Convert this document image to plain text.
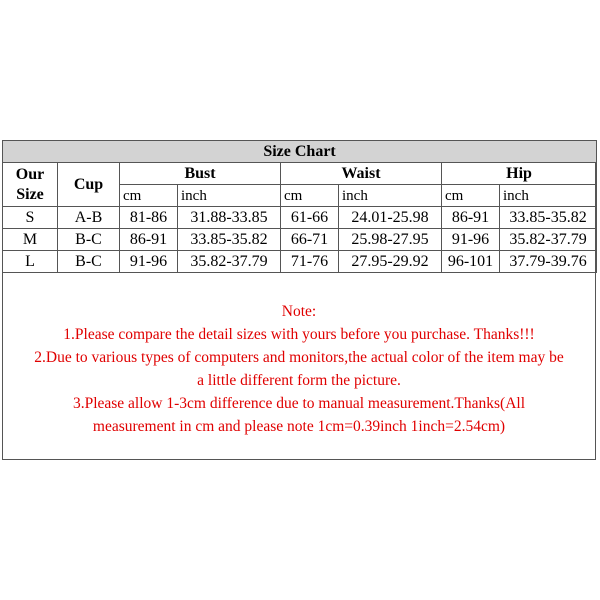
Size Chart							
Our
Size	Cup	Bust		Waist		Hip	
		cm	inch	cm	inch	cm	inch
S	A-B	81-86	31.88-33.85	61-66	24.01-25.98	86-91	33.85-35.82
M	B-C	86-91	33.85-35.82	66-71	25.98-27.95	91-96	35.82-37.79
L	B-C	91-96	35.82-37.79	71-76	27.95-29.92	96-101	37.79-39.76

Note:

1.Please compare the detail sizes with yours before you purchase. Thanks!!!

2.Due to various types of computers and monitors,the actual color of the item may be

a little different form the picture.

3.Please allow 1-3cm difference due to manual measurement.Thanks(All

measurement in cm and please note 1cm=0.39inch 1inch=2.54cm)
